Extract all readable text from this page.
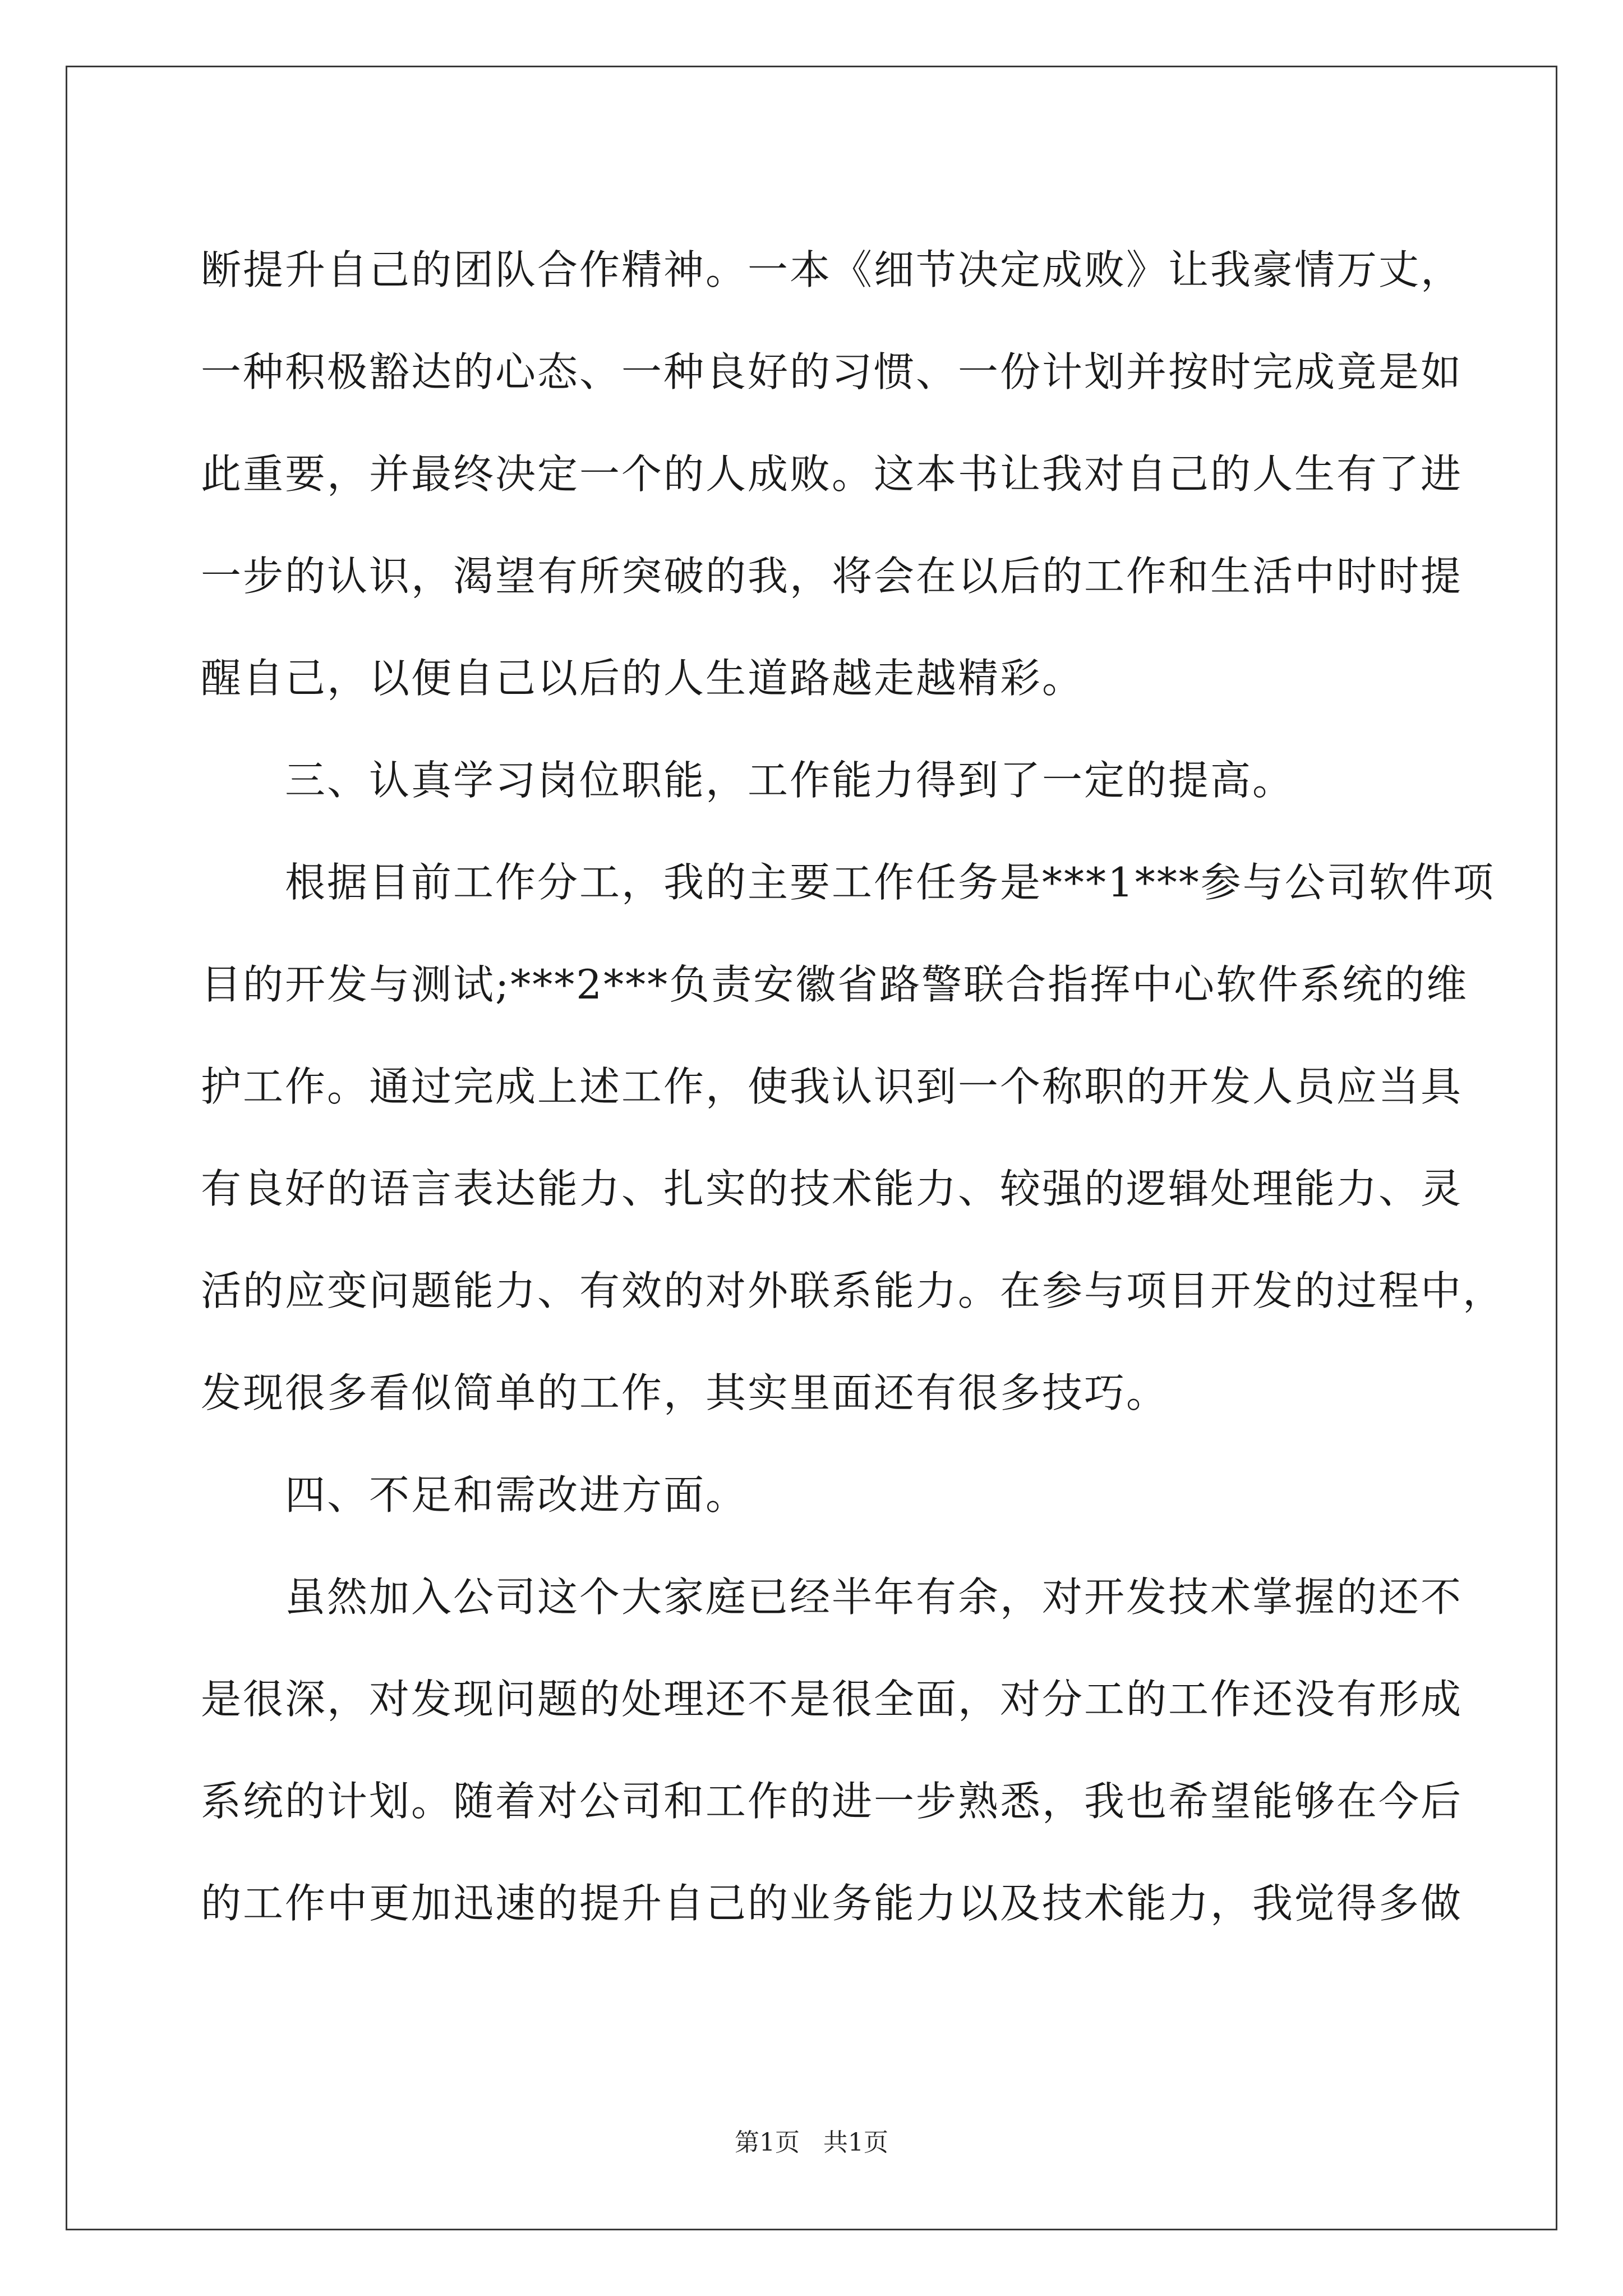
断提升自己的团队合作精神。一本《细节决定成败》让我豪情万丈，
一种积极豁达的心态、一种良好的习惯、一份计划并按时完成竟是如
此重要，并最终决定一个的人成败。这本书让我对自己的人生有了进
一步的认识，渴望有所突破的我，将会在以后的工作和生活中时时提
醒自己，以便自己以后的人生道路越走越精彩。
　　三、认真学习岗位职能，工作能力得到了一定的提高。
　　根据目前工作分工，我的主要工作任务是***1***参与公司软件项
目的开发与测试;***2***负责安徽省路警联合指挥中心软件系统的维
护工作。通过完成上述工作，使我认识到一个称职的开发人员应当具
有良好的语言表达能力、扎实的技术能力、较强的逻辑处理能力、灵
活的应变问题能力、有效的对外联系能力。在参与项目开发的过程中，
发现很多看似简单的工作，其实里面还有很多技巧。
　　四、不足和需改进方面。
　　虽然加入公司这个大家庭已经半年有余，对开发技术掌握的还不
是很深，对发现问题的处理还不是很全面，对分工的工作还没有形成
系统的计划。随着对公司和工作的进一步熟悉，我也希望能够在今后
的工作中更加迅速的提升自己的业务能力以及技术能力，我觉得多做
第1页   共1页
